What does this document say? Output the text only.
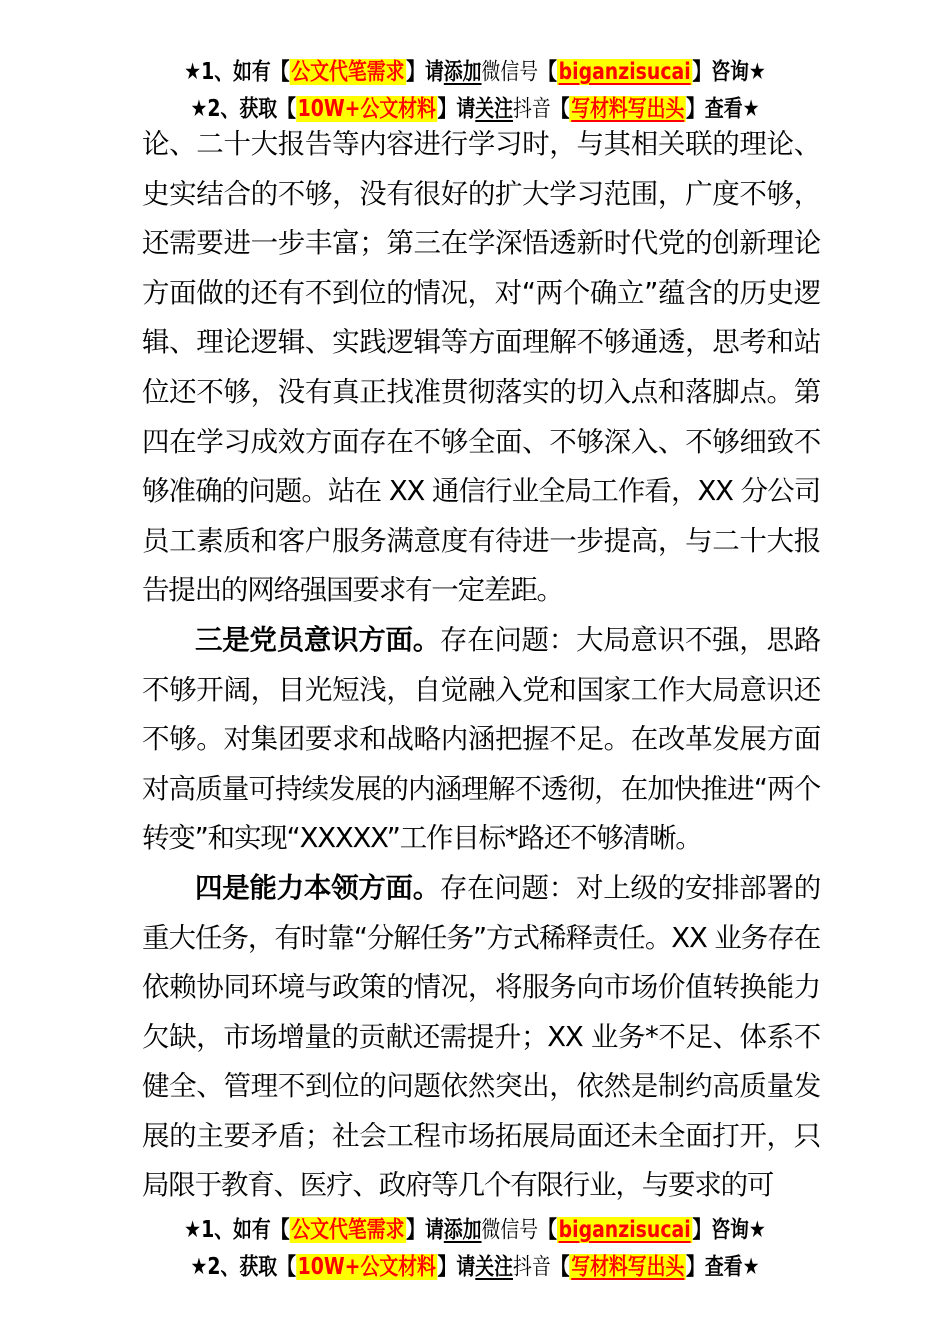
★1、如有【公文代笔需求】请添加微信号【biganzisucai】咨询★
★2、获取【10W+公文材料】请关注抖音【写材料写出头】查看★

论、二十大报告等内容进行学习时，与其相关联的理论、史实结合的不够，没有很好的扩大学习范围，广度不够，还需要进一步丰富；第三在学深悟透新时代党的创新理论方面做的还有不到位的情况，对“两个确立”蕴含的历史逻辑、理论逻辑、实践逻辑等方面理解不够通透，思考和站位还不够，没有真正找准贯彻落实的切入点和落脚点。第四在学习成效方面存在不够全面、不够深入、不够细致不够准确的问题。站在 XX 通信行业全局工作看，XX 分公司员工素质和客户服务满意度有待进一步提高，与二十大报告提出的网络强国要求有一定差距。

三是党员意识方面。存在问题：大局意识不强，思路不够开阔，目光短浅，自觉融入党和国家工作大局意识还不够。对集团要求和战略内涵把握不足。在改革发展方面对高质量可持续发展的内涵理解不透彻，在加快推进“两个转变”和实现“XXXXX”工作目标*路还不够清晰。

四是能力本领方面。存在问题：对上级的安排部署的重大任务，有时靠“分解任务”方式稀释责任。XX 业务存在依赖协同环境与政策的情况，将服务向市场价值转换能力欠缺，市场增量的贡献还需提升；XX 业务*不足、体系不健全、管理不到位的问题依然突出，依然是制约高质量发展的主要矛盾；社会工程市场拓展局面还未全面打开，只局限于教育、医疗、政府等几个有限行业，与要求的可

★1、如有【公文代笔需求】请添加微信号【biganzisucai】咨询★
★2、获取【10W+公文材料】请关注抖音【写材料写出头】查看★
